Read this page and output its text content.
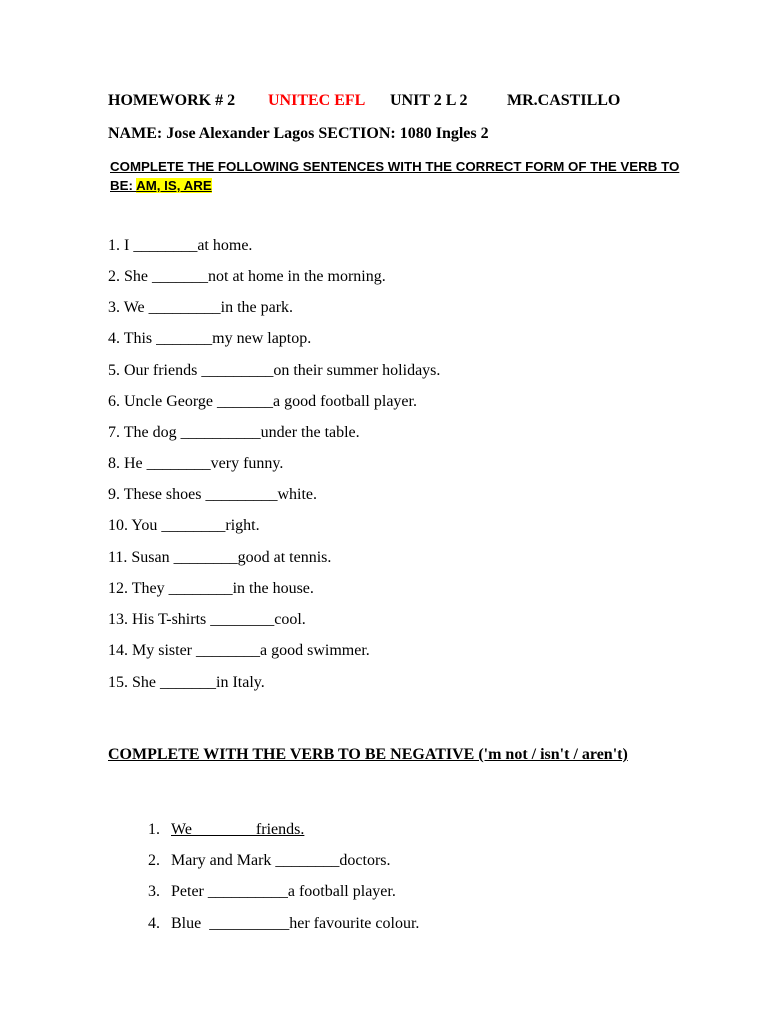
HOMEWORK # 2

UNITEC EFL

UNIT 2 L 2

MR.CASTILLO

NAME: Jose Alexander Lagos SECTION: 1080 Ingles 2
COMPLETE THE FOLLOWING SENTENCES WITH THE CORRECT FORM OF THE VERB TO BE: AM, IS, ARE
1. I ________at home.
2. She _______not at home in the morning.
3. We _________in the park.
4. This _______my new laptop.
5. Our friends _________on their summer holidays.
6. Uncle George _______a good football player.
7. The dog __________under the table.
8. He ________very funny.
9. These shoes _________white.
10. You ________right.
11. Susan ________good at tennis.
12. They ________in the house.
13. His T-shirts ________cool.
14. My sister ________a good swimmer.
15. She _______in Italy.
COMPLETE WITH THE VERB TO BE NEGATIVE ('m not / isn't / aren't)

1. We________friends.

2. Mary and Mark ________doctors.

3. Peter __________a football player.

4. Blue  __________her favourite colour.
